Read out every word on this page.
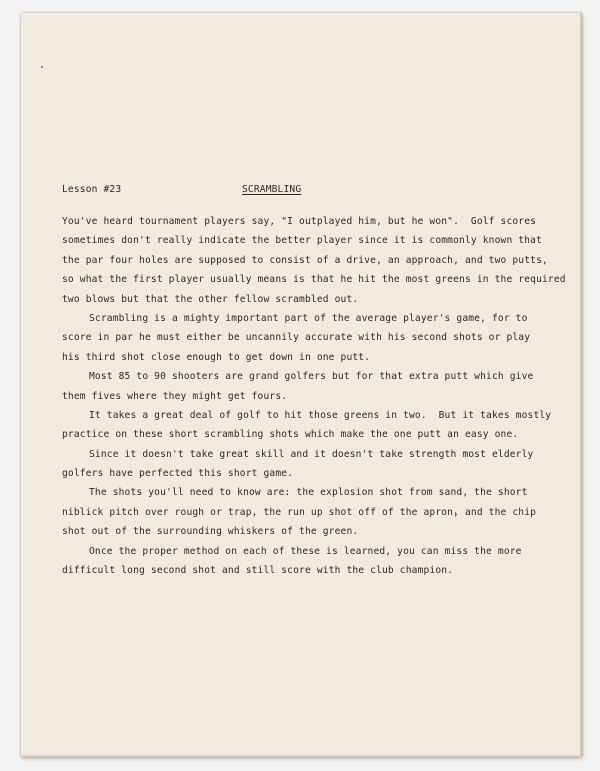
Lesson #23	SCRAMBLING
You've heard tournament players say, "I outplayed him, but he won".  Golf scores
sometimes don't really indicate the better player since it is commonly known that
the par four holes are supposed to consist of a drive, an approach, and two putts,
so what the first player usually means is that he hit the most greens in the required
two blows but that the other fellow scrambled out.
Scrambling is a mighty important part of the average player's game, for to
score in par he must either be uncannily accurate with his second shots or play
his third shot close enough to get down in one putt.
Most 85 to 90 shooters are grand golfers but for that extra putt which give
them fives where they might get fours.
It takes a great deal of golf to hit those greens in two.  But it takes mostly
practice on these short scrambling shots which make the one putt an easy one.
Since it doesn't take great skill and it doesn't take strength most elderly
golfers have perfected this short game.
The shots you'll need to know are: the explosion shot from sand, the short
niblick pitch over rough or trap, the run up shot off of the apron, and the chip
shot out of the surrounding whiskers of the green.
Once the proper method on each of these is learned, you can miss the more
difficult long second shot and still score with the club champion.
